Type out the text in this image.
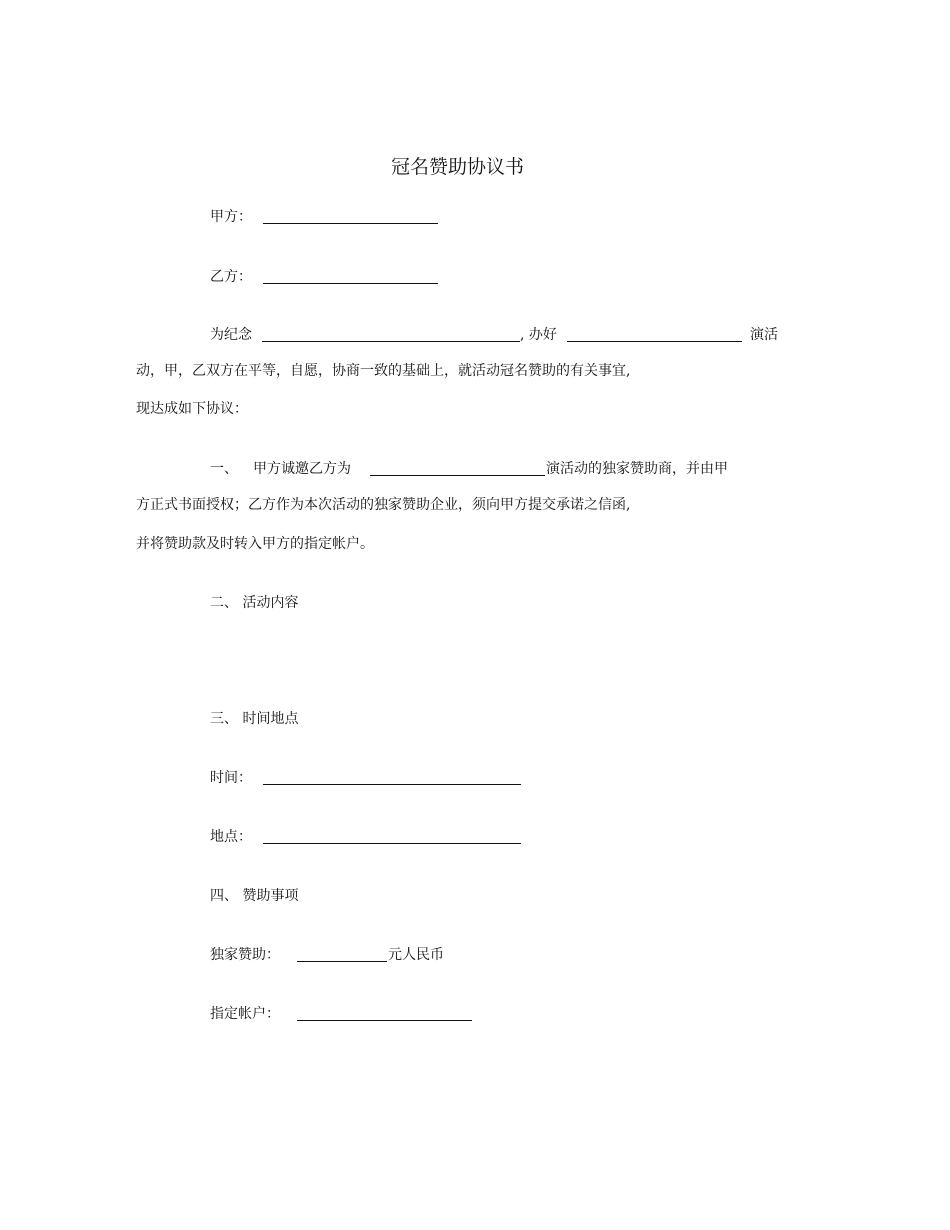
冠名赞助协议书
甲方：
乙方：
为纪念	, 办好	演活
动，甲，乙双方在平等，自愿，协商一致的基础上，就活动冠名赞助的有关事宜,
现达成如下协议：
一、 甲方诚邀乙方为	演活动的独家赞助商，并由甲
方正式书面授权；乙方作为本次活动的独家赞助企业，须向甲方提交承诺之信函,
并将赞助款及时转入甲方的指定帐户。
二、 活动内容
三、 时间地点
时间：
地点：
四、 赞助事项
独家赞助：	元人民币
指定帐户：
